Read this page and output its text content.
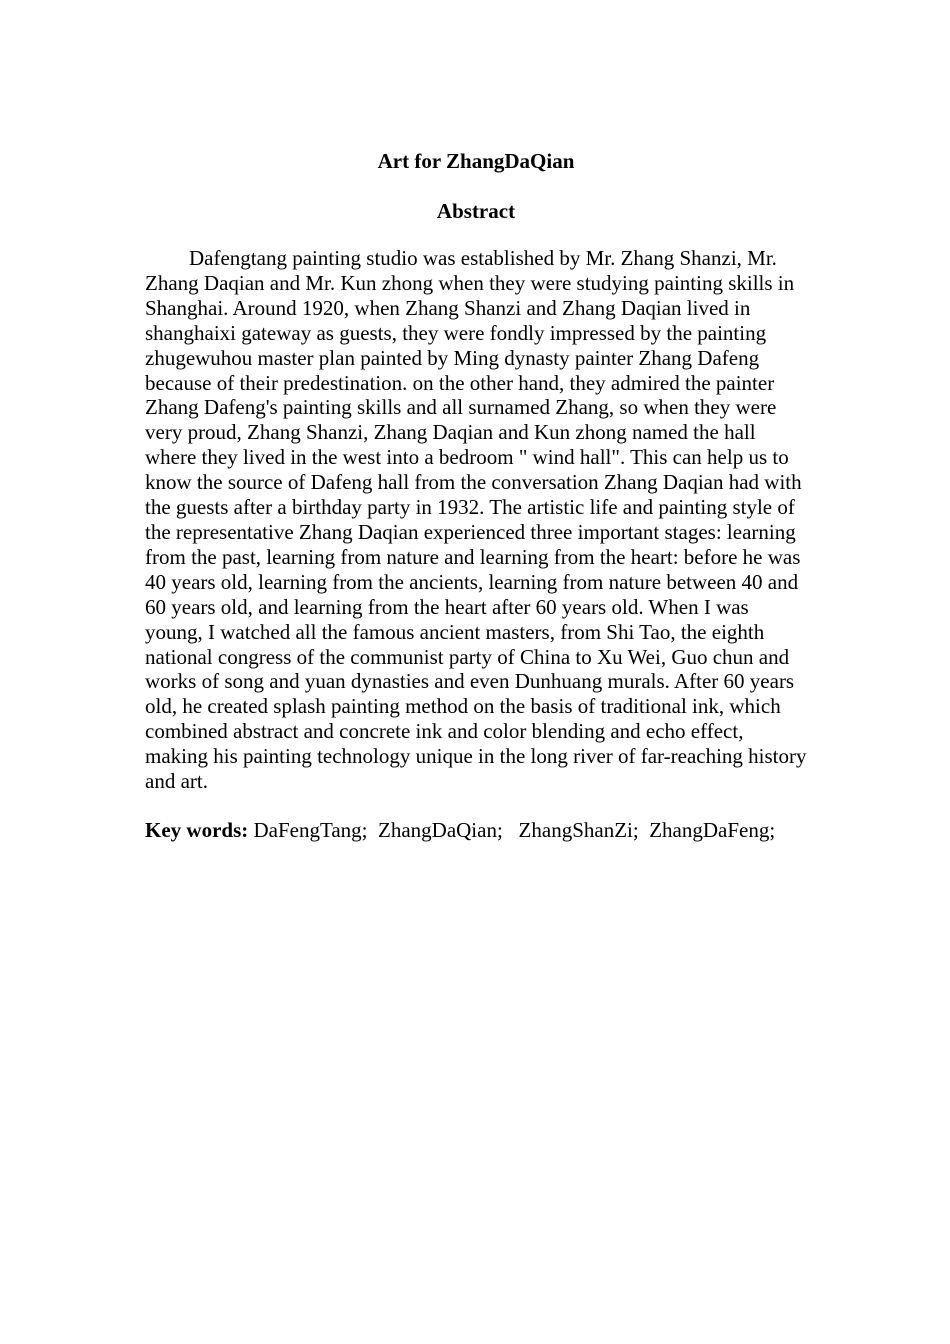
Art for ZhangDaQian
Abstract

Dafengtang painting studio was established by Mr. Zhang Shanzi, Mr. Zhang Daqian and Mr. Kun zhong when they were studying painting skills in Shanghai. Around 1920, when Zhang Shanzi and Zhang Daqian lived in shanghaixi gateway as guests, they were fondly impressed by the painting zhugewuhou master plan painted by Ming dynasty painter Zhang Dafeng because of their predestination. on the other hand, they admired the painter Zhang Dafeng's painting skills and all surnamed Zhang, so when they were very proud, Zhang Shanzi, Zhang Daqian and Kun zhong named the hall where they lived in the west into a bedroom " wind hall". This can help us to know the source of Dafeng hall from the conversation Zhang Daqian had with the guests after a birthday party in 1932. The artistic life and painting style of the representative Zhang Daqian experienced three important stages: learning from the past, learning from nature and learning from the heart: before he was 40 years old, learning from the ancients, learning from nature between 40 and 60 years old, and learning from the heart after 60 years old. When I was young, I watched all the famous ancient masters, from Shi Tao, the eighth national congress of the communist party of China to Xu Wei, Guo chun and works of song and yuan dynasties and even Dunhuang murals. After 60 years old, he created splash painting method on the basis of traditional ink, which combined abstract and concrete ink and color blending and echo effect, making his painting technology unique in the long river of far-reaching history and art.

Key words: DaFengTang;  ZhangDaQian;   ZhangShanZi;  ZhangDaFeng;
